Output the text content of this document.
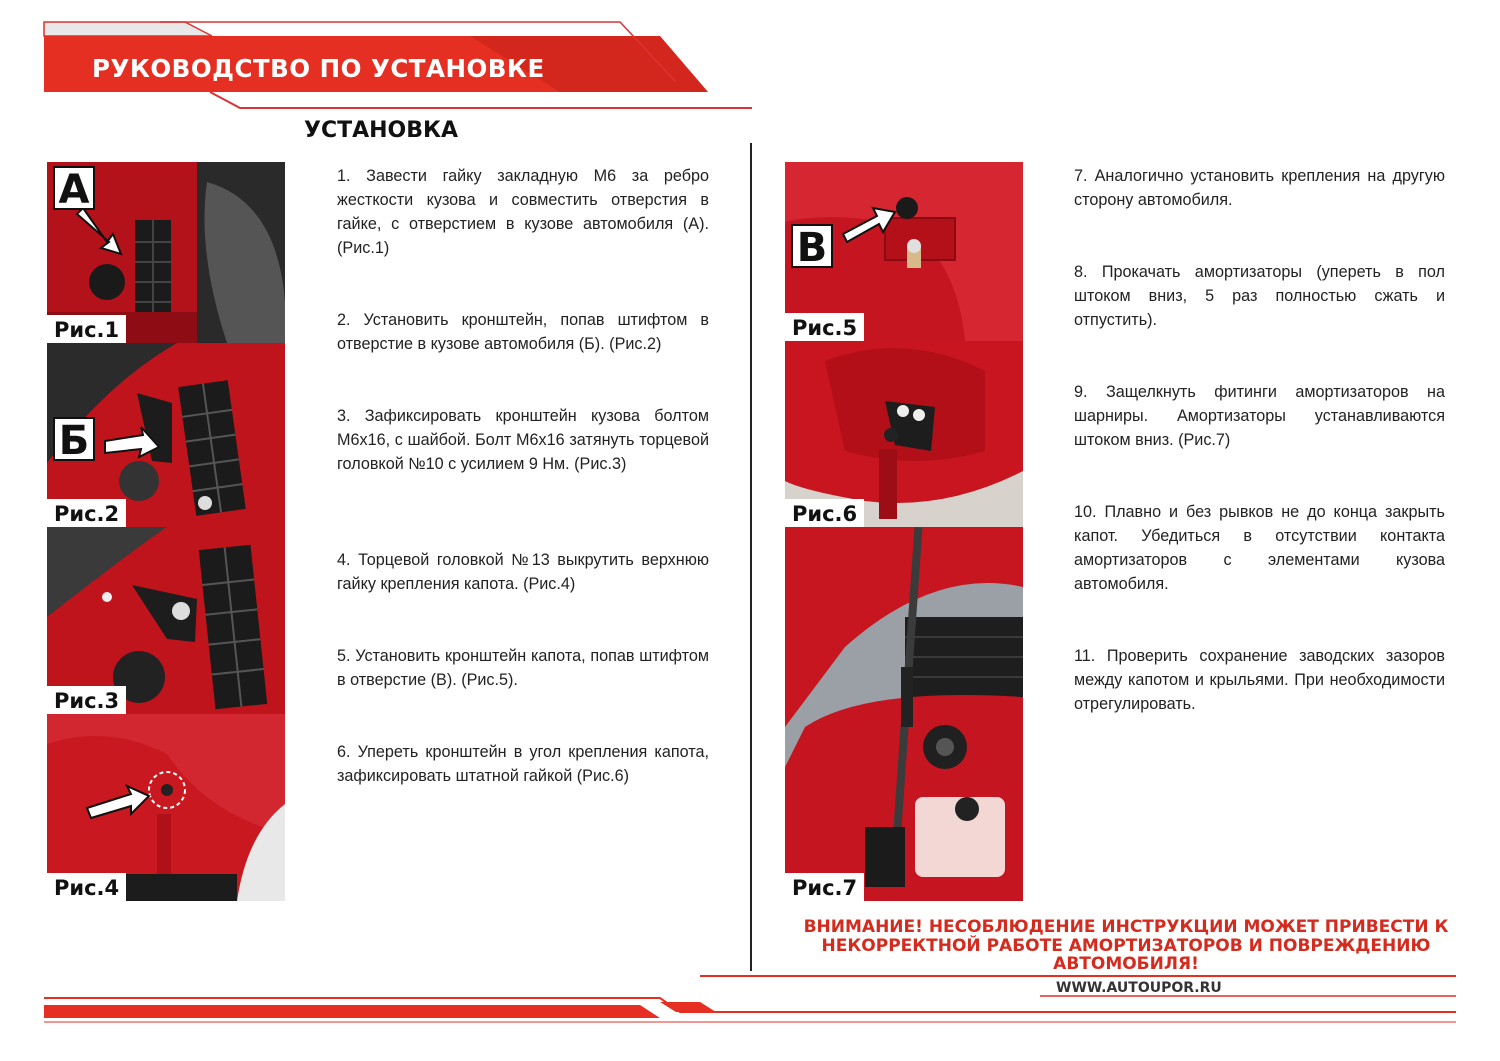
РУКОВОДСТВО ПО УСТАНОВКЕ
УСТАНОВКА
А
Рис.1
Б
Рис.2
Рис.3
Рис.4
1. Завести гайку закладную М6 за ребро жесткости кузова и совместить отверстия в гайке, с отверстием в кузове автомобиля (А). (Рис.1)
2. Установить кронштейн, попав штифтом в отверстие в кузове автомобиля (Б). (Рис.2)
3. Зафиксировать кронштейн кузова болтом М6х16, с шайбой. Болт М6х16 затянуть торцевой головкой №10 с усилием 9 Нм. (Рис.3)
4. Торцевой головкой №13 выкрутить верхнюю гайку крепления капота. (Рис.4)
5. Установить кронштейн капота, попав штифтом в отверстие (В). (Рис.5).
6. Упереть кронштейн в угол крепления капота, зафиксировать штатной гайкой (Рис.6)
В
Рис.5
Рис.6
Рис.7
7. Аналогично установить крепления на другую сторону автомобиля.
8. Прокачать амортизаторы (упереть в пол штоком вниз, 5 раз полностью сжать и отпустить).
9. Защелкнуть фитинги амортизаторов на шарниры. Амортизаторы устанавливаются штоком вниз. (Рис.7)
10. Плавно и без рывков не до конца закрыть капот. Убедиться в отсутствии контакта амортизаторов с элементами кузова автомобиля.
11. Проверить сохранение заводских зазоров между капотом и крыльями. При необходимости отрегулировать.
ВНИМАНИЕ! НЕСОБЛЮДЕНИЕ ИНСТРУКЦИИ МОЖЕТ ПРИВЕСТИ К НЕКОРРЕКТНОЙ РАБОТЕ АМОРТИЗАТОРОВ И ПОВРЕЖДЕНИЮ АВТОМОБИЛЯ!
WWW.AUTOUPOR.RU
